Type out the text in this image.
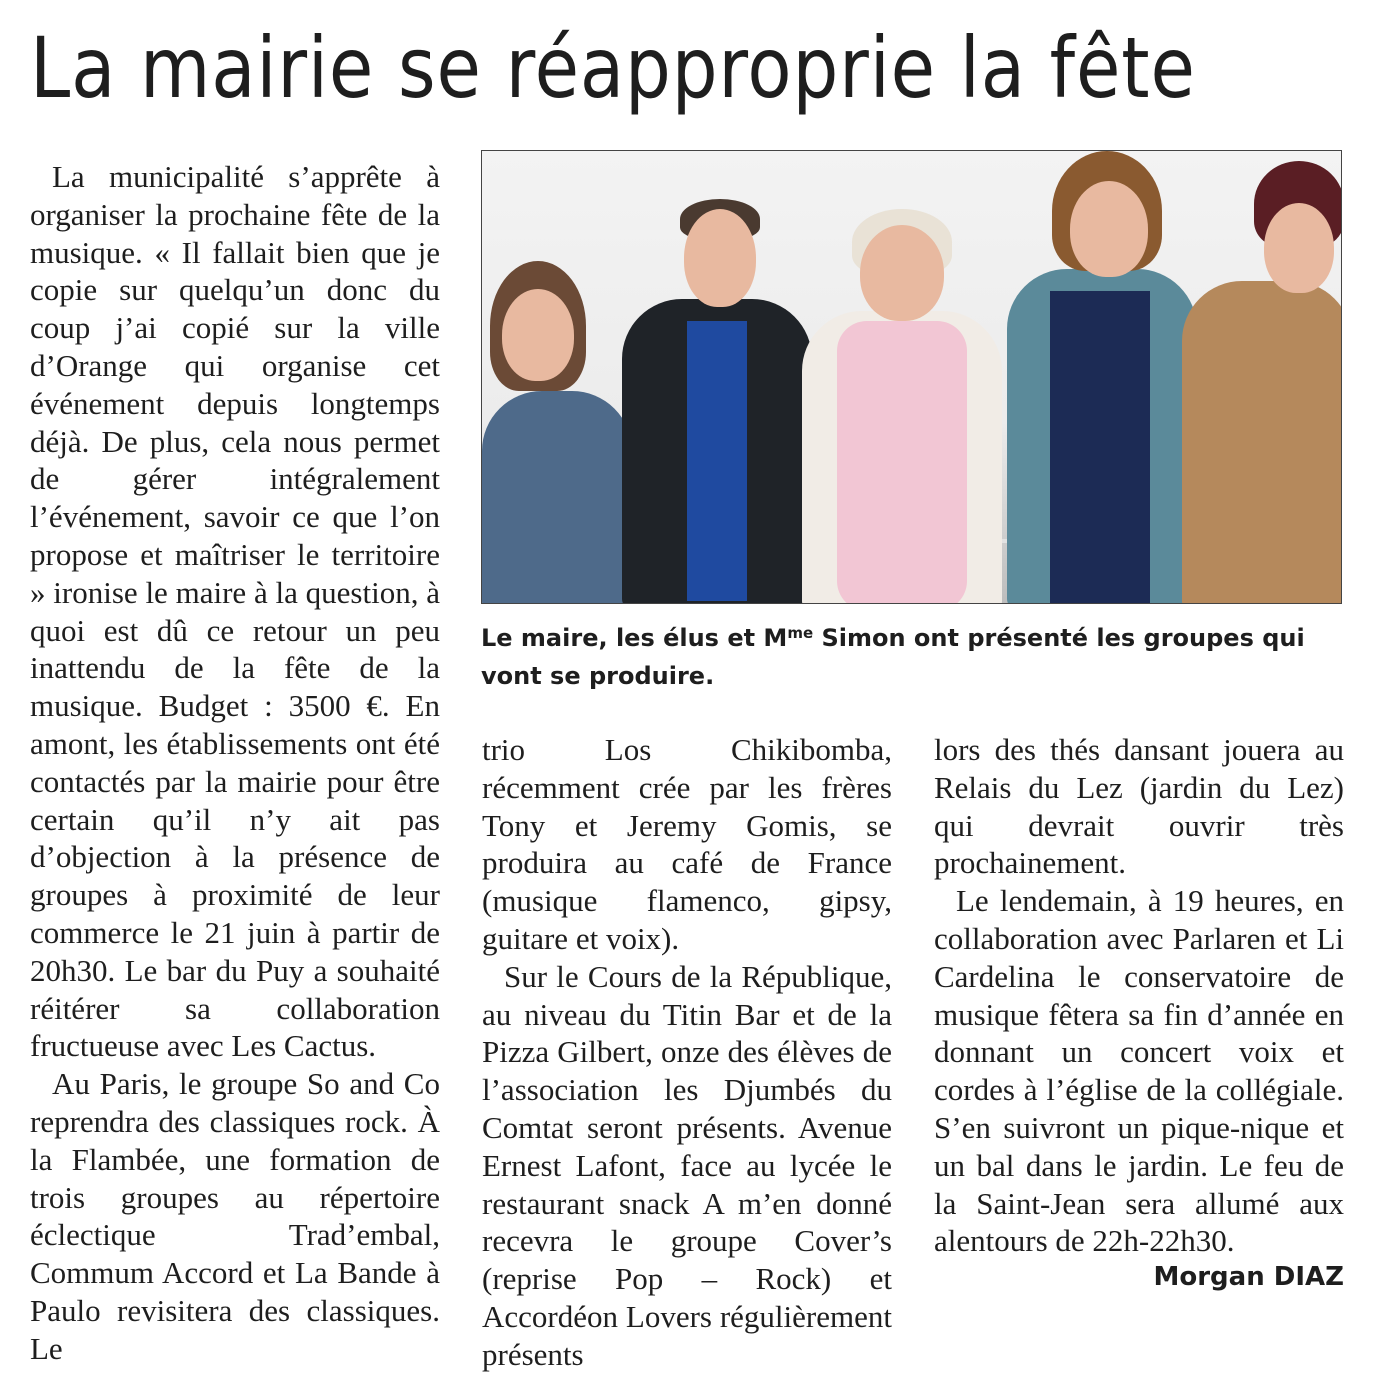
La mairie se réapproprie la fête

La municipalité s’apprête à organiser la prochaine fête de la musique. « Il fallait bien que je copie sur quelqu’un donc du coup j’ai copié sur la ville d’Orange qui organise cet événement depuis longtemps déjà. De plus, cela nous permet de gérer intégralement l’événement, savoir ce que l’on propose et maîtriser le territoire » ironise le maire à la question, à quoi est dû ce retour un peu inattendu de la fête de la musique. Budget : 3500 €. En amont, les établissements ont été contactés par la mairie pour être certain qu’il n’y ait pas d’objection à la présence de groupes à proximité de leur commerce le 21 juin à partir de 20h30. Le bar du Puy a souhaité réitérer sa collaboration fructueuse avec Les Cactus.

Au Paris, le groupe So and Co reprendra des classiques rock. À la Flambée, une formation de trois groupes au répertoire éclectique Trad’embal, Commum Accord et La Bande à Paulo revisitera des classiques. Le

Le maire, les élus et $M^{me}$ Simon ont présenté les groupes qui vont se produire.

trio Los Chikibomba, récemment crée par les frères Tony et Jeremy Gomis, se produira au café de France (musique flamenco, gipsy, guitare et voix).

Sur le Cours de la République, au niveau du Titin Bar et de la Pizza Gilbert, onze des élèves de l’association les Djumbés du Comtat seront présents. Avenue Ernest Lafont, face au lycée le restaurant snack A m’en donné recevra le groupe Cover’s (reprise Pop – Rock) et Accordéon Lovers régulièrement présents

lors des thés dansant jouera au Relais du Lez (jardin du Lez) qui devrait ouvrir très prochainement.

Le lendemain, à 19 heures, en collaboration avec Parlaren et Li Cardelina le conservatoire de musique fêtera sa fin d’année en donnant un concert voix et cordes à l’église de la collégiale. S’en suivront un pique-nique et un bal dans le jardin. Le feu de la Saint-Jean sera allumé aux alentours de 22h-22h30.

Morgan DIAZ
